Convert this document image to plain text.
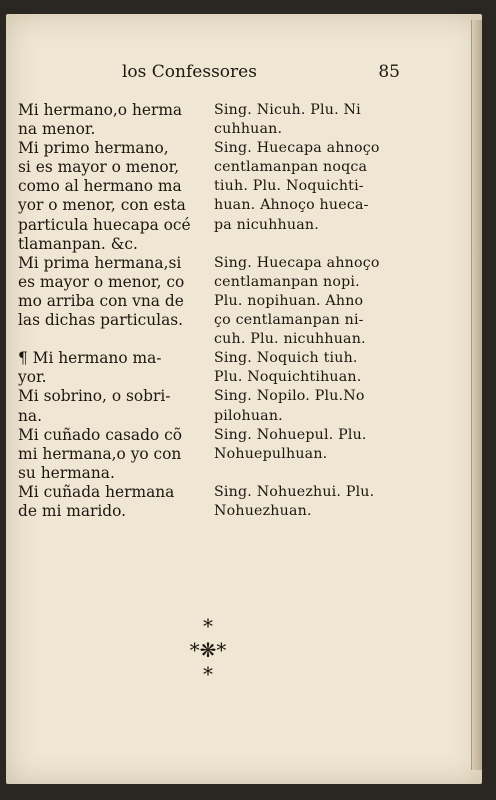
los Confessores	85
Mi hermano,o herma
na menor.
Mi primo hermano,
si es mayor o menor,
como al hermano ma
yor o menor, con esta
particula huecapa océ
tlamanpan. &c.
Mi prima hermana,si
es mayor o menor, co
mo arriba con vna de
las dichas particulas.
¶ Mi hermano ma-
yor.
Mi sobrino, o sobri-
na.
Mi cuñado casado cõ
mi hermana,o yo con
su hermana.
Mi cuñada hermana
de mi marido.
Sing. Nicuh. Plu. Ni
cuhhuan.
Sing. Huecapa ahnoço
centlamanpan noqca
tiuh. Plu. Noquichti-
huan. Ahnoço hueca-
pa nicuhhuan.
Sing. Huecapa ahnoço
centlamanpan nopi.
Plu. nopihuan. Ahno
ço centlamanpan ni-
cuh. Plu. nicuhhuan.
Sing. Noquich tiuh.
Plu. Noquichtihuan.
Sing. Nopilo. Plu.No
pilohuan.
Sing. Nohuepul. Plu.
Nohuepulhuan.
Sing. Nohuezhui. Plu.
Nohuezhuan.
*
*❋*
*
